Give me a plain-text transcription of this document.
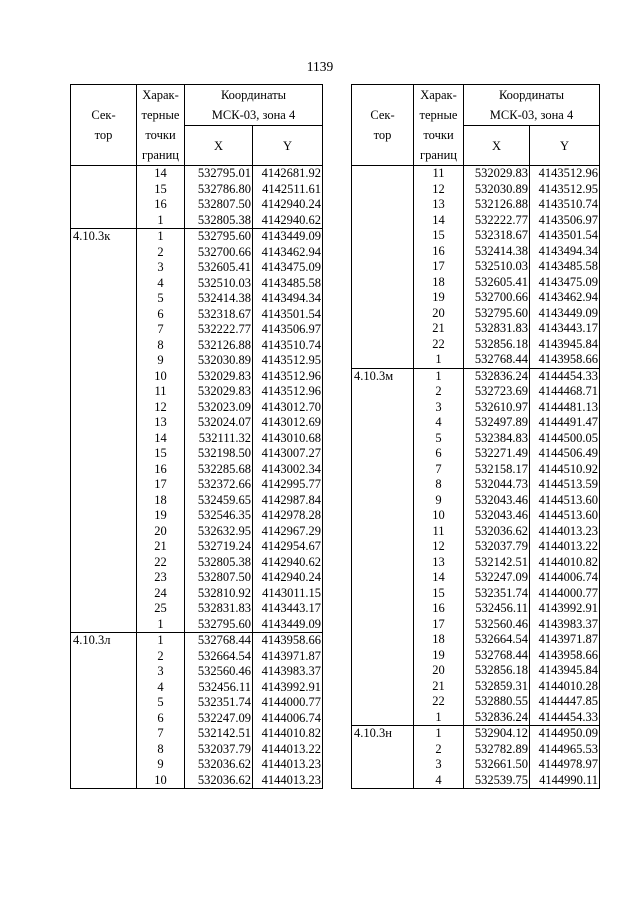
1139
Сек-
тор	Харак-
терные
точки
границ	Координаты
МСК-03, зона 4	

		X	Y
	14	532795.01	4142681.92
	15	532786.80	4142511.61
	16	532807.50	4142940.24
	1	532805.38	4142940.62
4.10.3к	1	532795.60	4143449.09
	2	532700.66	4143462.94
	3	532605.41	4143475.09
	4	532510.03	4143485.58
	5	532414.38	4143494.34
	6	532318.67	4143501.54
	7	532222.77	4143506.97
	8	532126.88	4143510.74
	9	532030.89	4143512.95
	10	532029.83	4143512.96
	11	532029.83	4143512.96
	12	532023.09	4143012.70
	13	532024.07	4143012.69
	14	532111.32	4143010.68
	15	532198.50	4143007.27
	16	532285.68	4143002.34
	17	532372.66	4142995.77
	18	532459.65	4142987.84
	19	532546.35	4142978.28
	20	532632.95	4142967.29
	21	532719.24	4142954.67
	22	532805.38	4142940.62
	23	532807.50	4142940.24
	24	532810.92	4143011.15
	25	532831.83	4143443.17
	1	532795.60	4143449.09
4.10.3л	1	532768.44	4143958.66
	2	532664.54	4143971.87
	3	532560.46	4143983.37
	4	532456.11	4143992.91
	5	532351.74	4144000.77
	6	532247.09	4144006.74
	7	532142.51	4144010.82
	8	532037.79	4144013.22
	9	532036.62	4144013.23
	10	532036.62	4144013.23
Сек-
тор	Харак-
терные
точки
границ	Координаты
МСК-03, зона 4	

		X	Y
	11	532029.83	4143512.96
	12	532030.89	4143512.95
	13	532126.88	4143510.74
	14	532222.77	4143506.97
	15	532318.67	4143501.54
	16	532414.38	4143494.34
	17	532510.03	4143485.58
	18	532605.41	4143475.09
	19	532700.66	4143462.94
	20	532795.60	4143449.09
	21	532831.83	4143443.17
	22	532856.18	4143945.84
	1	532768.44	4143958.66
4.10.3м	1	532836.24	4144454.33
	2	532723.69	4144468.71
	3	532610.97	4144481.13
	4	532497.89	4144491.47
	5	532384.83	4144500.05
	6	532271.49	4144506.49
	7	532158.17	4144510.92
	8	532044.73	4144513.59
	9	532043.46	4144513.60
	10	532043.46	4144513.60
	11	532036.62	4144013.23
	12	532037.79	4144013.22
	13	532142.51	4144010.82
	14	532247.09	4144006.74
	15	532351.74	4144000.77
	16	532456.11	4143992.91
	17	532560.46	4143983.37
	18	532664.54	4143971.87
	19	532768.44	4143958.66
	20	532856.18	4143945.84
	21	532859.31	4144010.28
	22	532880.55	4144447.85
	1	532836.24	4144454.33
4.10.3н	1	532904.12	4144950.09
	2	532782.89	4144965.53
	3	532661.50	4144978.97
	4	532539.75	4144990.11
